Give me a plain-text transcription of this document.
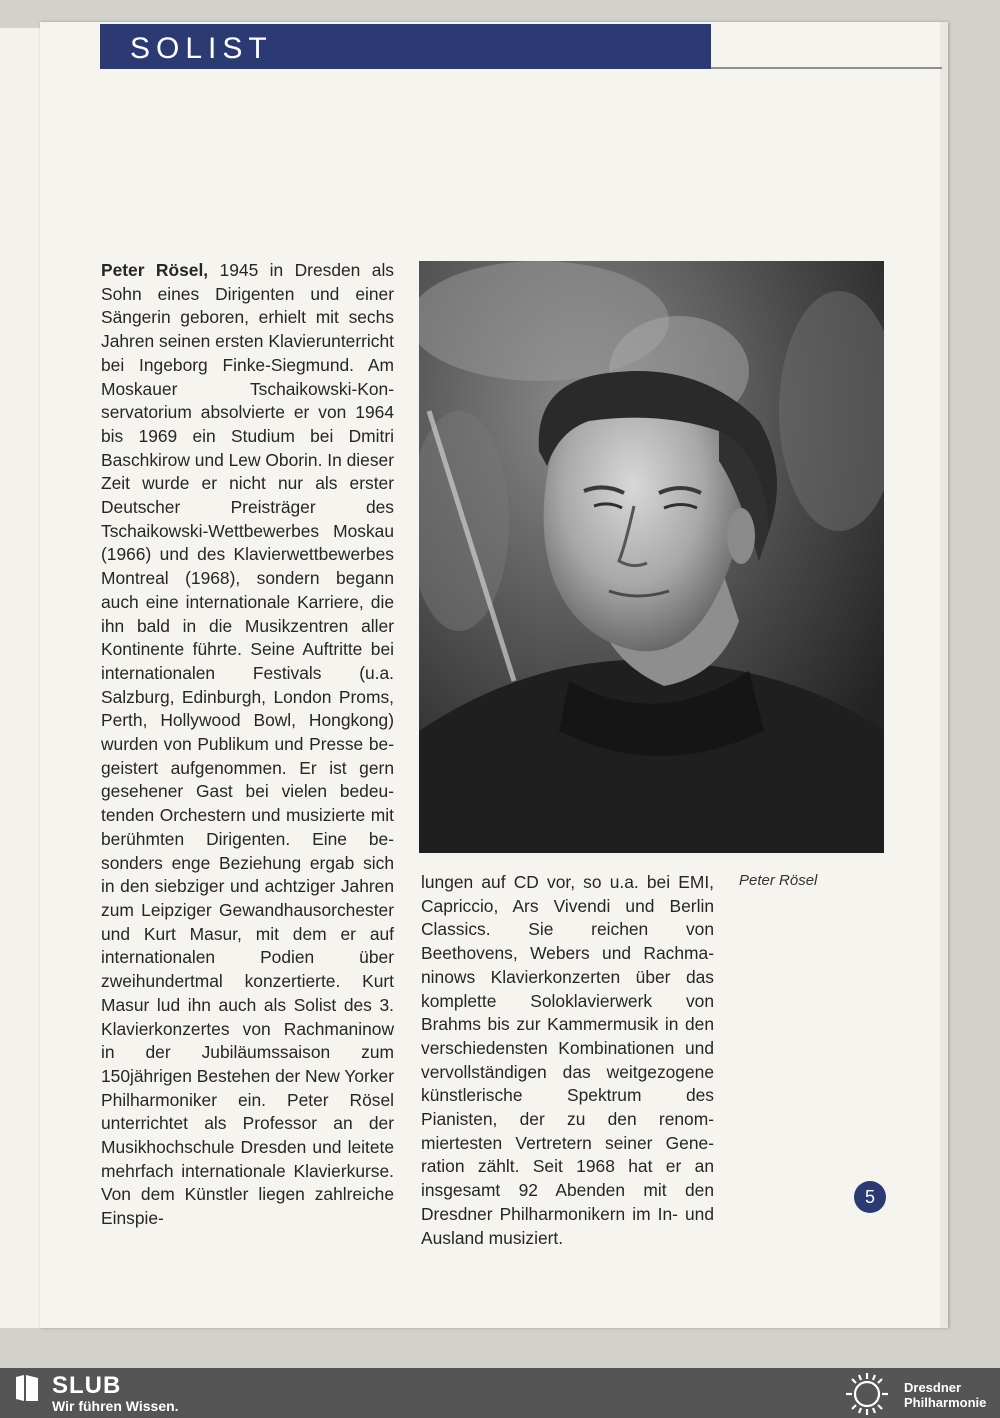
SOLIST
Peter Rösel, 1945 in Dresden als Sohn eines Dirigenten und einer Sängerin geboren, erhielt mit sechs Jahren seinen ersten Klavierunterricht bei Ingeborg Finke-Siegmund. Am Moskauer Tschaikowski-Konservatorium absolvierte er von 1964 bis 1969 ein Studium bei Dmitri Baschkirow und Lew Oborin. In dieser Zeit wurde er nicht nur als erster Deutscher Preisträger des Tschaikowski-Wettbewerbes Moskau (1966) und des Klavierwettbewerbes Montreal (1968), sondern begann auch eine internationale Karriere, die ihn bald in die Musikzentren aller Kontinente führte. Seine Auftritte bei internationalen Festivals (u.a. Salzburg, Edinburgh, London Proms, Perth, Hollywood Bowl, Hongkong) wurden von Publikum und Presse begeistert aufgenommen. Er ist gern gesehener Gast bei vielen bedeutenden Orchestern und musizierte mit berühmten Dirigenten. Eine besonders enge Beziehung ergab sich in den siebziger und achtziger Jahren zum Leipziger Gewandhausorchester und Kurt Masur, mit dem er auf internationalen Podien über zweihundertmal konzertierte. Kurt Masur lud ihn auch als Solist des 3. Klavierkonzertes von Rachmaninow in der Jubiläumssaison zum 150jährigen Bestehen der New Yorker Philharmoniker ein. Peter Rösel unterrichtet als Professor an der Musikhochschule Dresden und leitete mehrfach internationale Klavierkurse. Von dem Künstler liegen zahlreiche Einspie-
lungen auf CD vor, so u.a. bei EMI, Capriccio, Ars Vivendi und Berlin Classics. Sie reichen von Beethovens, Webers und Rachmaninows Klavierkonzerten über das komplette Soloklavierwerk von Brahms bis zur Kammermusik in den verschiedensten Kombinationen und vervollständigen das weitgezogene künstlerische Spektrum des Pianisten, der zu den renommiertesten Vertretern seiner Generation zählt. Seit 1968 hat er an insgesamt 92 Abenden mit den Dresdner Philharmonikern im In- und Ausland musiziert.
Peter Rösel
5
SLUB
Wir führen Wissen.
Dresdner
Philharmonie
